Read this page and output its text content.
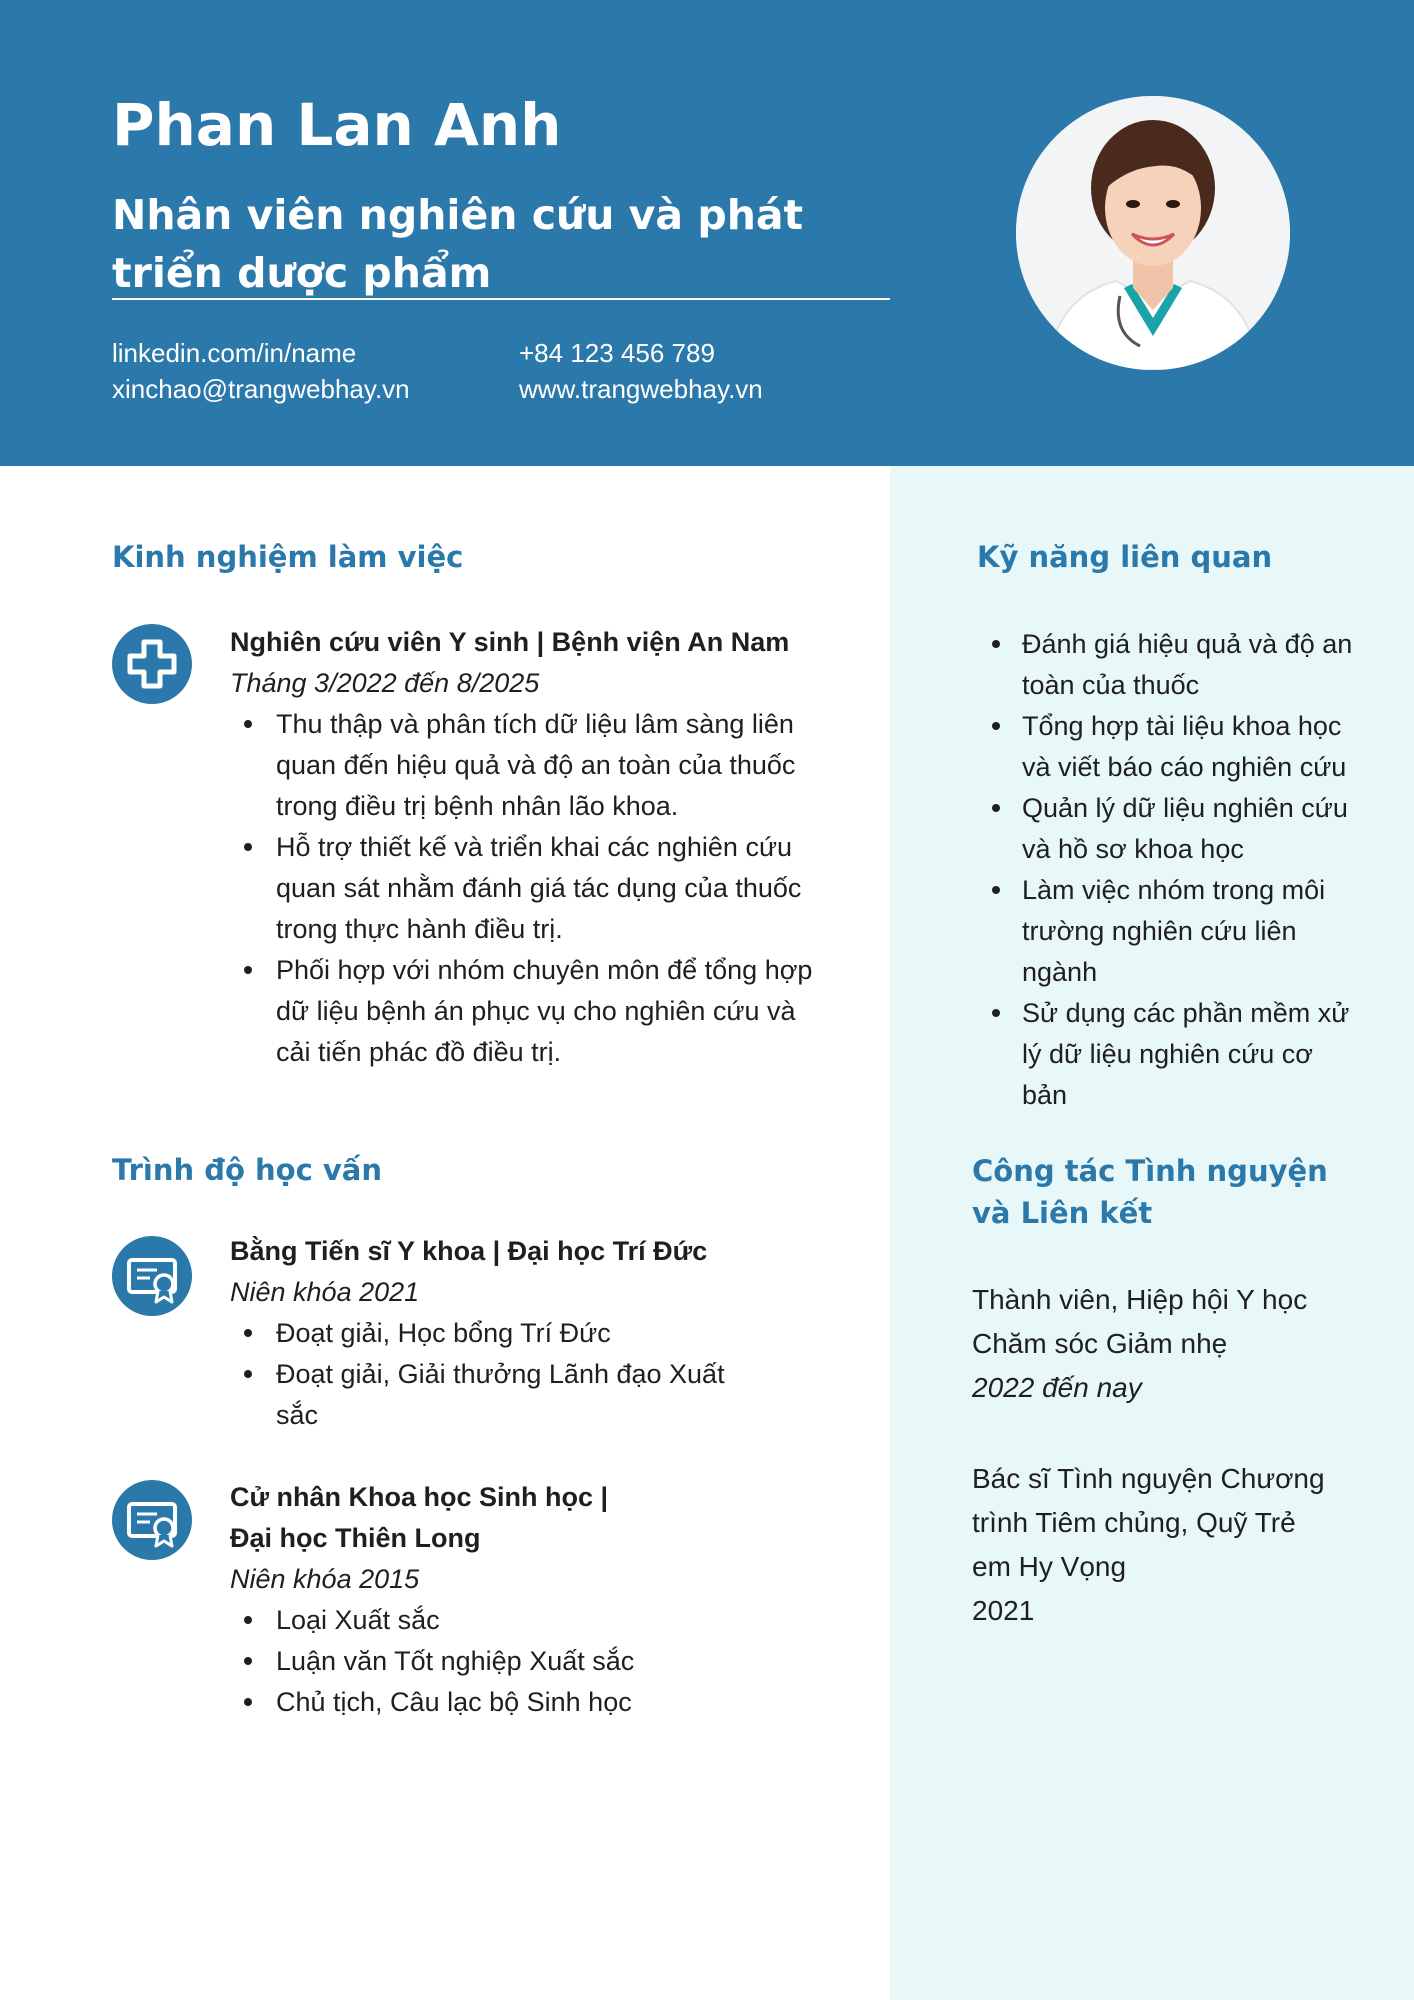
Phan Lan Anh
Nhân viên nghiên cứu và phát triển dược phẩm
linkedin.com/in/name
xinchao@trangwebhay.vn
+84 123 456 789
www.trangwebhay.vn
Kinh nghiệm làm việc
Nghiên cứu viên Y sinh | Bệnh viện An Nam
Tháng 3/2022 đến 8/2025
Thu thập và phân tích dữ liệu lâm sàng liên quan đến hiệu quả và độ an toàn của thuốc trong điều trị bệnh nhân lão khoa.
Hỗ trợ thiết kế và triển khai các nghiên cứu quan sát nhằm đánh giá tác dụng của thuốc trong thực hành điều trị.
Phối hợp với nhóm chuyên môn để tổng hợp dữ liệu bệnh án phục vụ cho nghiên cứu và cải tiến phác đồ điều trị.
Trình độ học vấn
Bằng Tiến sĩ Y khoa | Đại học Trí Đức
Niên khóa 2021
Đoạt giải, Học bổng Trí Đức
Đoạt giải, Giải thưởng Lãnh đạo Xuất sắc
Cử nhân Khoa học Sinh học | Đại học Thiên Long
Niên khóa 2015
Loại Xuất sắc
Luận văn Tốt nghiệp Xuất sắc
Chủ tịch, Câu lạc bộ Sinh học
Kỹ năng liên quan
Đánh giá hiệu quả và độ an toàn của thuốc
Tổng hợp tài liệu khoa học và viết báo cáo nghiên cứu
Quản lý dữ liệu nghiên cứu và hồ sơ khoa học
Làm việc nhóm trong môi trường nghiên cứu liên ngành
Sử dụng các phần mềm xử lý dữ liệu nghiên cứu cơ bản
Công tác Tình nguyện và Liên kết
Thành viên, Hiệp hội Y học Chăm sóc Giảm nhẹ
2022 đến nay
Bác sĩ Tình nguyện Chương trình Tiêm chủng, Quỹ Trẻ em Hy Vọng
2021
